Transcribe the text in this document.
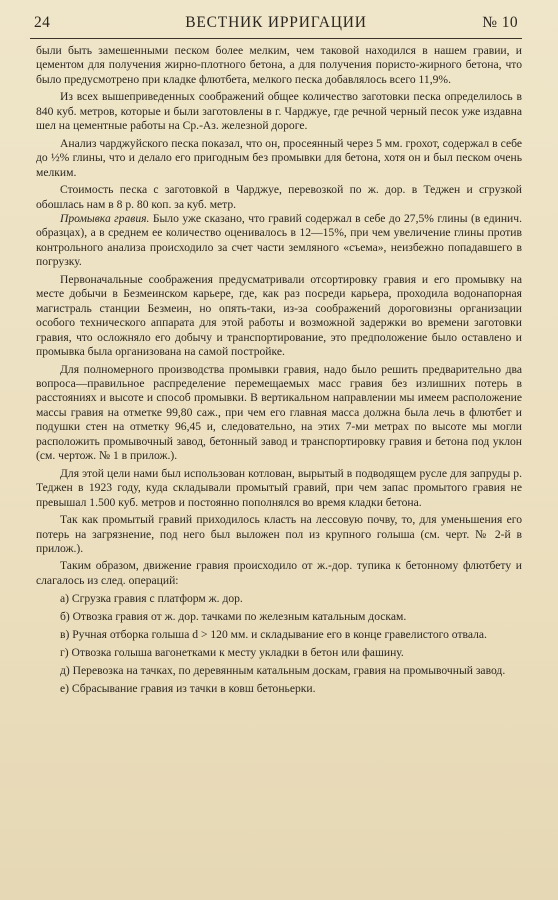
24	ВЕСТНИК ИРРИГАЦИИ	№ 10

были быть замешенными песком более мелким, чем таковой находился в нашем гравии, и цементом для получения жирно-плотного бетона, а для получения пористо-жирного бетона, что было предусмотрено при кладке флютбета, мелкого песка добавлялось всего 11,9%.

Из всех вышеприведенных соображений общее количество заготовки песка определилось в 840 куб. метров, которые и были заготовлены в г. Чарджуе, где речной черный песок уже издавна шел на цементные работы на Ср.-Аз. железной дороге.

Анализ чарджуйского песка показал, что он, просеянный через 5 мм. грохот, содержал в себе до ½% глины, что и делало его пригодным без промывки для бетона, хотя он и был песком очень мелким.

Стоимость песка с заготовкой в Чарджуе, перевозкой по ж. дор. в Теджен и сгрузкой обошлась нам в 8 р. 80 коп. за куб. метр.

Промывка гравия. Было уже сказано, что гравий содержал в себе до 27,5% глины (в единич. образцах), а в среднем ее количество оценивалось в 12—15%, при чем увеличение глины против контрольного анализа происходило за счет части земляного «съема», неизбежно попадавшего в погрузку.

Первоначальные соображения предусматривали отсортировку гравия и его промывку на месте добычи в Безмеинском карьере, где, как раз посреди карьера, проходила водонапорная магистраль станции Безмеин, но опять-таки, из-за соображений дороговизны организации особого технического аппарата для этой работы и возможной задержки во времени заготовки гравия, что осложняло его добычу и транспортирование, это предположение было оставлено и промывка была организована на самой постройке.

Для полномерного производства промывки гравия, надо было решить предварительно два вопроса—правильное распределение перемещаемых масс гравия без излишних потерь в расстояниях и высоте и способ промывки. В вертикальном направлении мы имеем расположение массы гравия на отметке 99,80 саж., при чем его главная масса должна была лечь в флютбет и подушки стен на отметку 96,45 и, следовательно, на этих 7-ми метрах по высоте мы могли расположить промывочный завод, бетонный завод и транспортировку гравия и бетона под уклон (см. чертож. № 1 в прилож.).

Для этой цели нами был использован котлован, вырытый в подводящем русле для запруды р. Теджен в 1923 году, куда складывали промытый гравий, при чем запас промытого гравия не превышал 1.500 куб. метров и постоянно пополнялся во время кладки бетона.

Так как промытый гравий приходилось класть на лессовую почву, то, для уменьшения его потерь на загрязнение, под него был выложен пол из крупного голыша (см. черт. № 2-й в прилож.).

Таким образом, движение гравия происходило от ж.-дор. тупика к бетонному флютбету и слагалось из след. операций:

а) Сгрузка гравия с платформ ж. дор.

б) Отвозка гравия от ж. дор. тачками по железным катальным доскам.

в) Ручная отборка голыша d > 120 мм. и складывание его в конце гравелистого отвала.

г) Отвозка голыша вагонетками к месту укладки в бетон или фашину.

д) Перевозка на тачках, по деревянным катальным доскам, гравия на промывочный завод.

е) Сбрасывание гравия из тачки в ковш бетоньерки.
